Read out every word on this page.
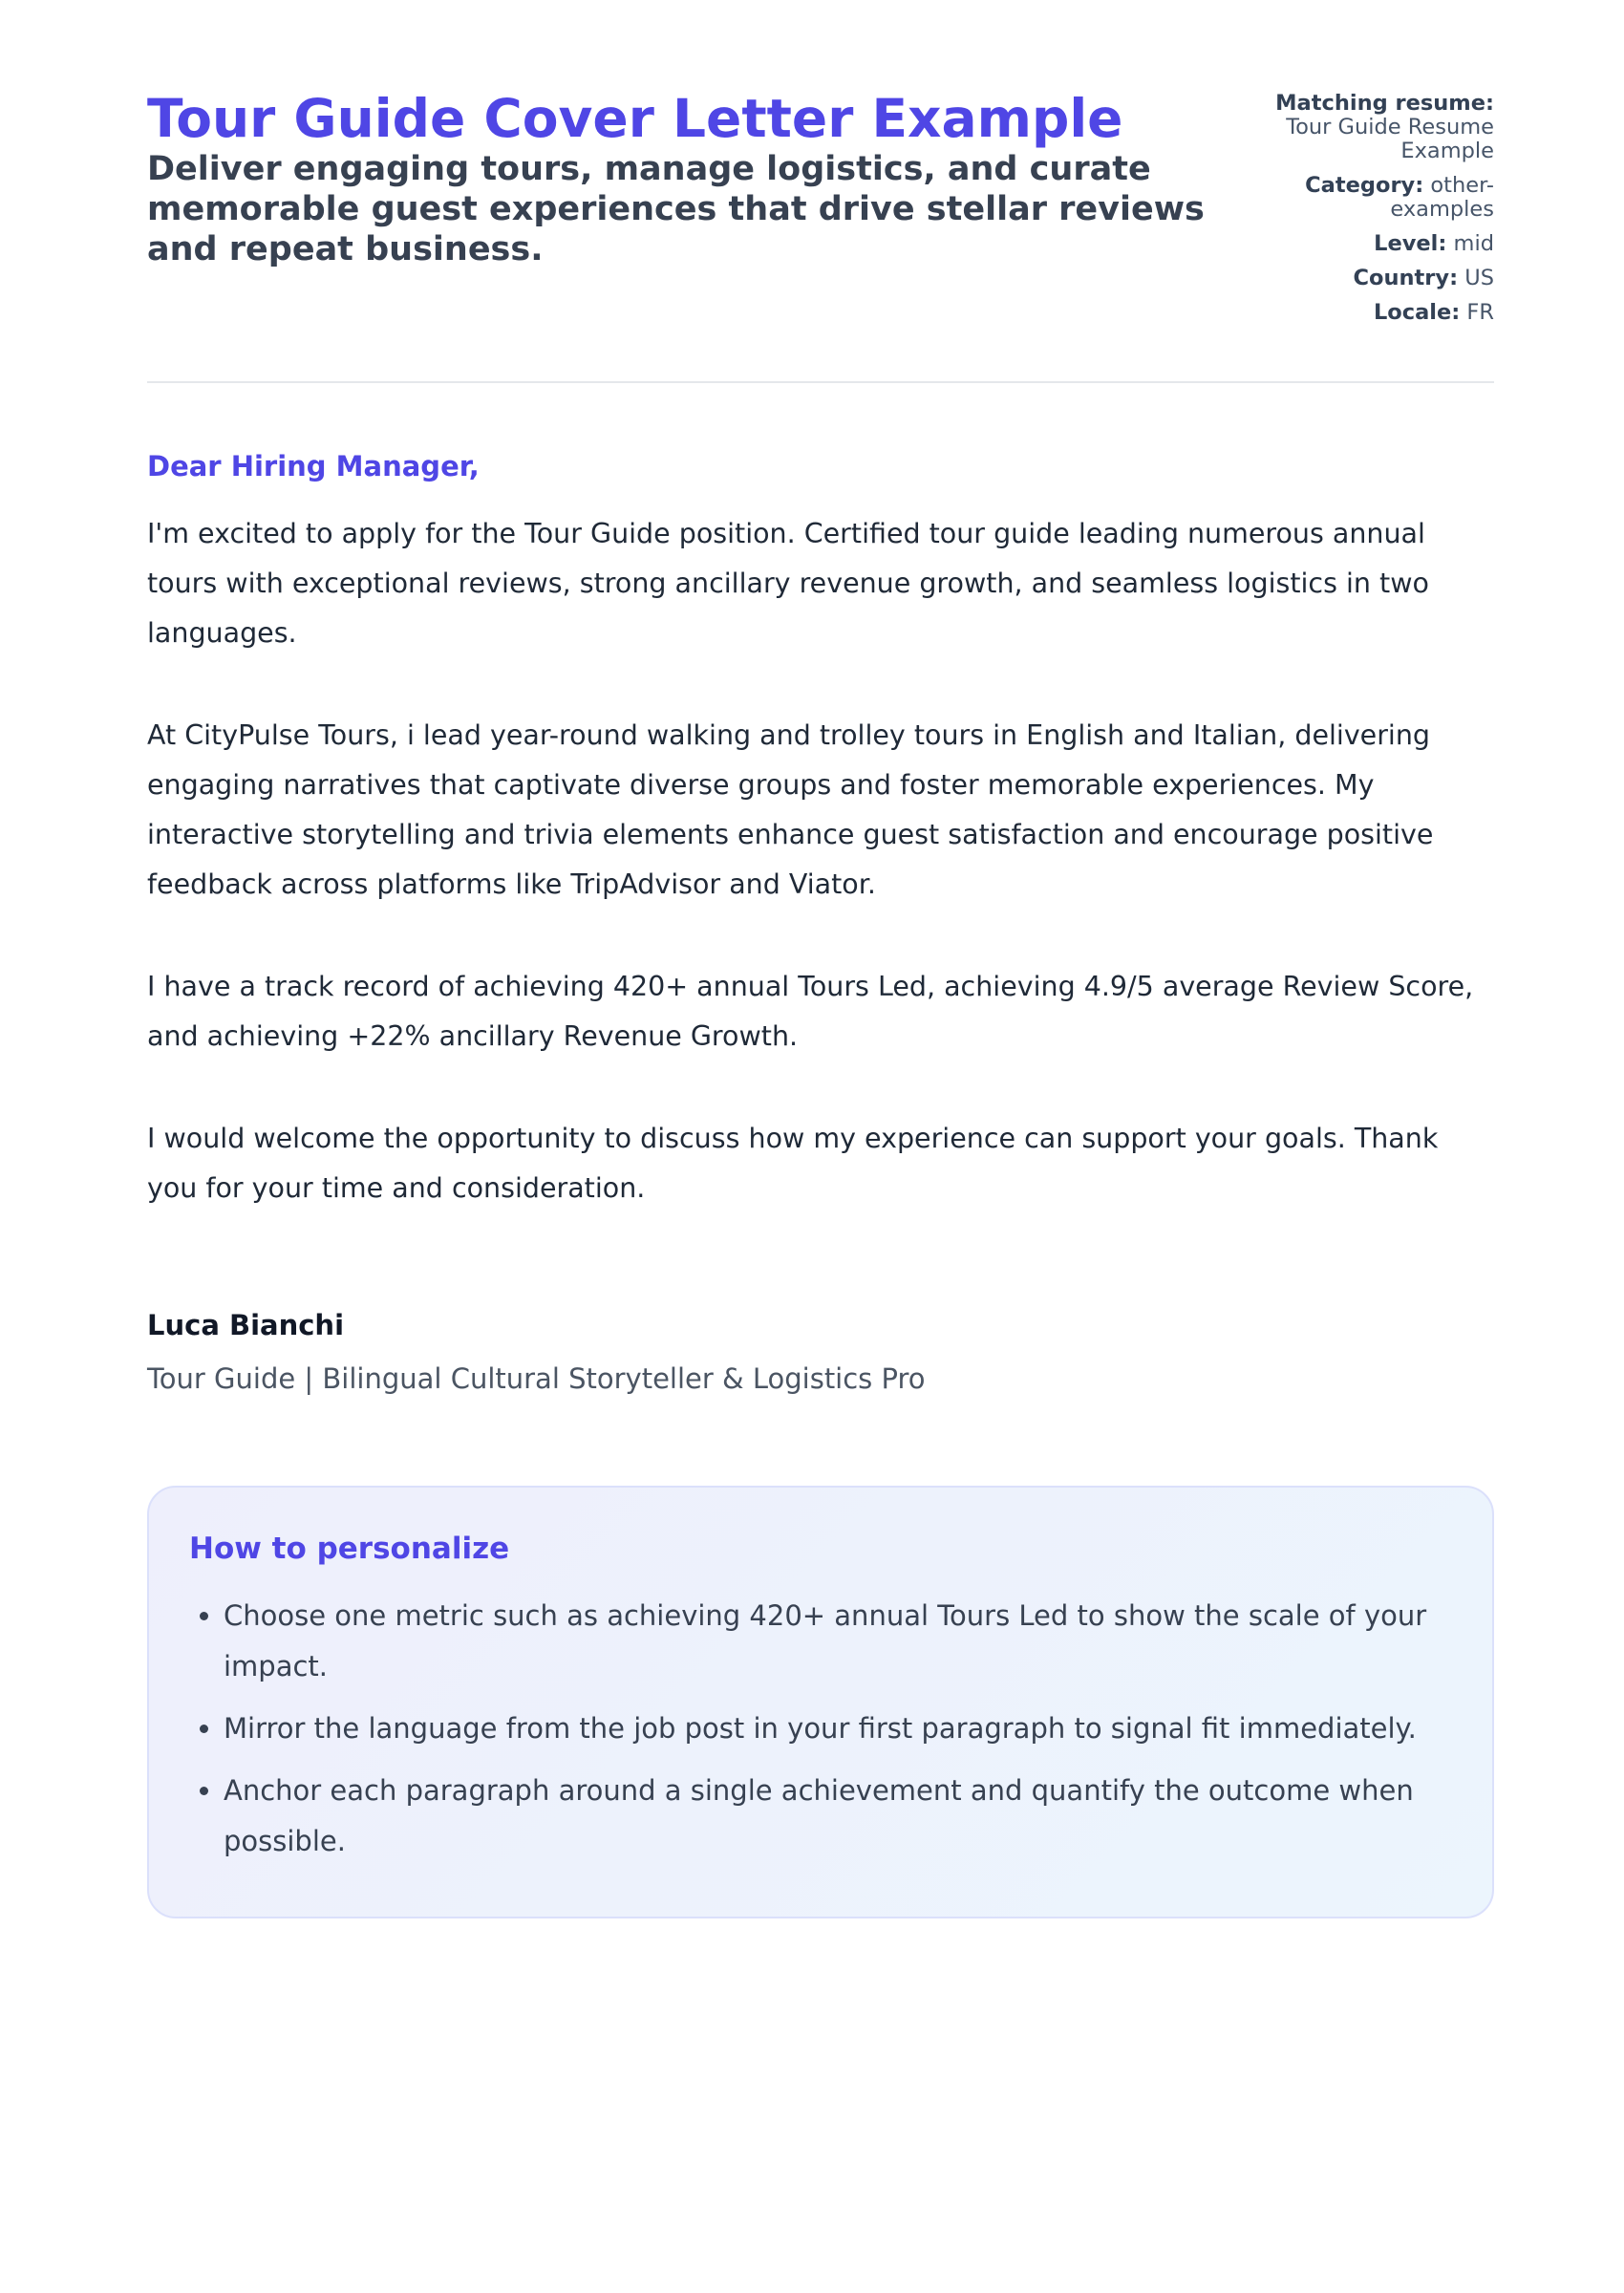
Tour Guide Cover Letter Example

Deliver engaging tours, manage logistics, and curate memorable guest experiences that drive stellar reviews and repeat business.

Matching resume:
Tour Guide Resume Example
Category: other-examples
Level: mid
Country: US
Locale: FR
Dear Hiring Manager,

I'm excited to apply for the Tour Guide position. Certified tour guide leading numerous annual tours with exceptional reviews, strong ancillary revenue growth, and seamless logistics in two languages.

At CityPulse Tours, i lead year-round walking and trolley tours in English and Italian, delivering engaging narratives that captivate diverse groups and foster memorable experiences. My interactive storytelling and trivia elements enhance guest satisfaction and encourage positive feedback across platforms like TripAdvisor and Viator.

I have a track record of achieving 420+ annual Tours Led, achieving 4.9/5 average Review Score, and achieving +22% ancillary Revenue Growth.

I would welcome the opportunity to discuss how my experience can support your goals. Thank you for your time and consideration.

Luca Bianchi
Tour Guide | Bilingual Cultural Storyteller & Logistics Pro
How to personalize
• Choose one metric such as achieving 420+ annual Tours Led to show the scale of your impact.
• Mirror the language from the job post in your first paragraph to signal fit immediately.
• Anchor each paragraph around a single achievement and quantify the outcome when possible.
